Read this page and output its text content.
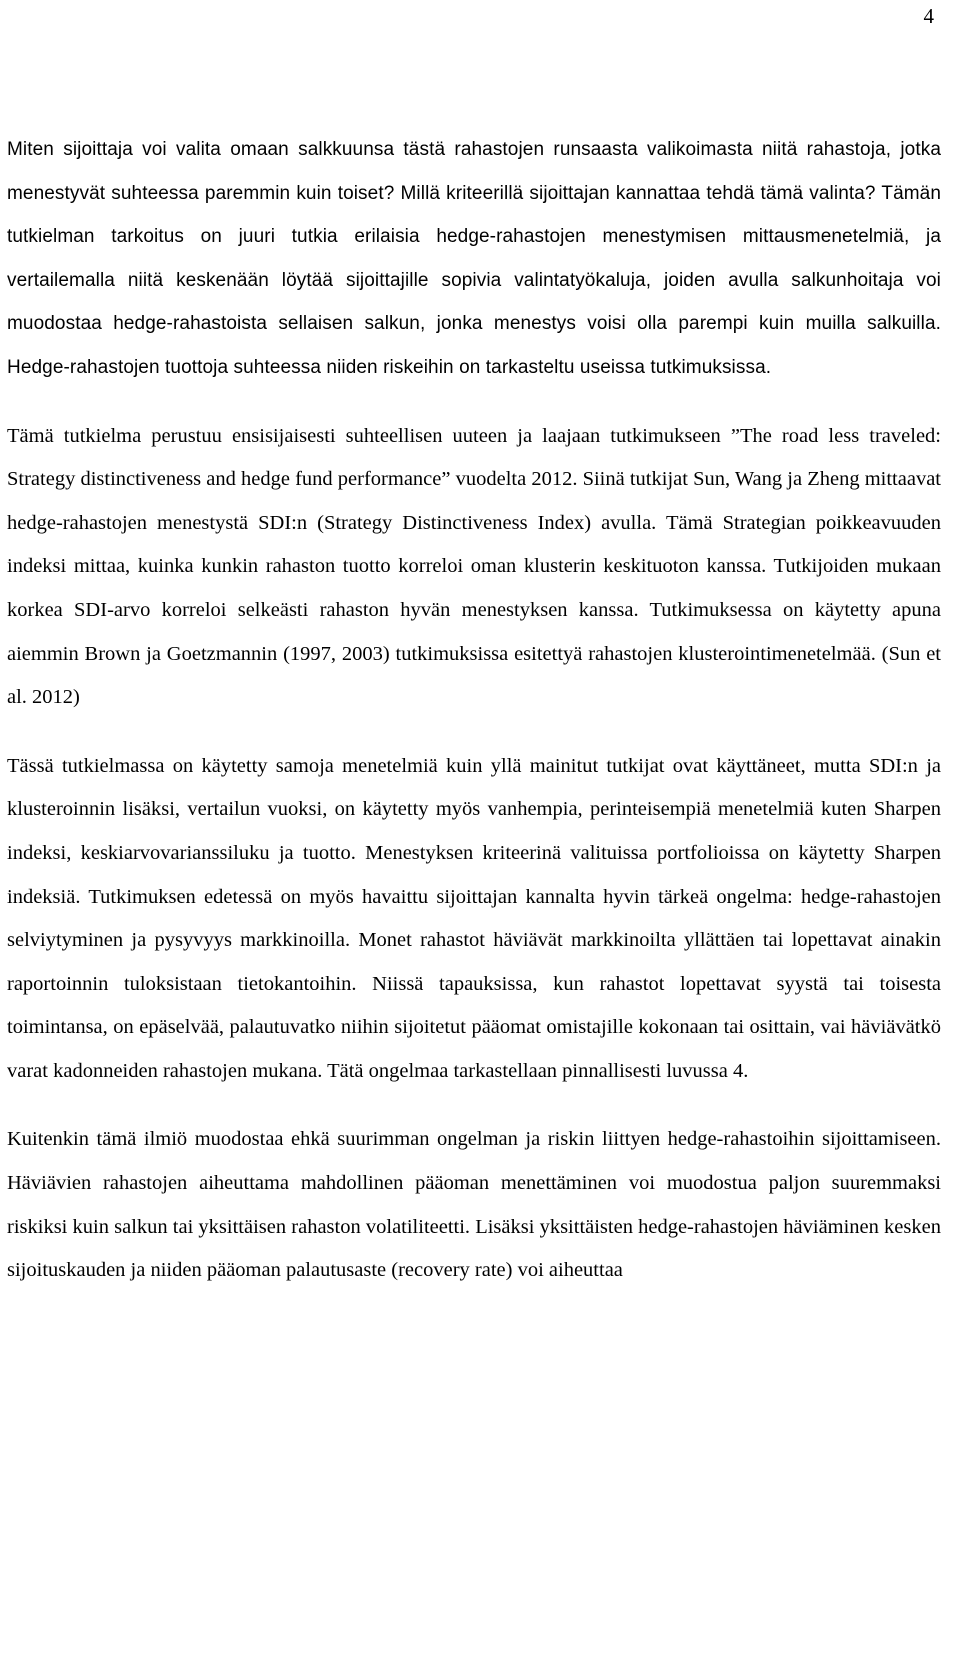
4

Miten sijoittaja voi valita omaan salkkuunsa tästä rahastojen runsaasta valikoimasta niitä rahastoja, jotka menestyvät suhteessa paremmin kuin toiset? Millä kriteerillä sijoittajan kannattaa tehdä tämä valinta? Tämän tutkielman tarkoitus on juuri tutkia erilaisia hedge-rahastojen menestymisen mittausmenetelmiä, ja vertailemalla niitä keskenään löytää sijoittajille sopivia valintatyökaluja, joiden avulla salkunhoitaja voi muodostaa hedge-rahastoista sellaisen salkun, jonka menestys voisi olla parempi kuin muilla salkuilla. Hedge-rahastojen tuottoja suhteessa niiden riskeihin on tarkasteltu useissa tutkimuksissa.

Tämä tutkielma perustuu ensisijaisesti suhteellisen uuteen ja laajaan tutkimukseen ”The road less traveled: Strategy distinctiveness and hedge fund performance” vuodelta 2012. Siinä tutkijat Sun, Wang ja Zheng mittaavat hedge-rahastojen menestystä SDI:n (Strategy Distinctiveness Index) avulla. Tämä Strategian poikkeavuuden indeksi mittaa, kuinka kunkin rahaston tuotto korreloi oman klusterin keskituoton kanssa. Tutkijoiden mukaan korkea SDI-arvo korreloi selkeästi rahaston hyvän menestyksen kanssa. Tutkimuksessa on käytetty apuna aiemmin Brown ja Goetzmannin (1997, 2003) tutkimuksissa esitettyä rahastojen klusterointimenetelmää. (Sun et al. 2012)

Tässä tutkielmassa on käytetty samoja menetelmiä kuin yllä mainitut tutkijat ovat käyttäneet, mutta SDI:n ja klusteroinnin lisäksi, vertailun vuoksi, on käytetty myös vanhempia, perinteisempiä menetelmiä kuten Sharpen indeksi, keskiarvovarianssiluku ja tuotto. Menestyksen kriteerinä valituissa portfolioissa on käytetty Sharpen indeksiä. Tutkimuksen edetessä on myös havaittu sijoittajan kannalta hyvin tärkeä ongelma: hedge-rahastojen selviytyminen ja pysyvyys markkinoilla. Monet rahastot häviävät markkinoilta yllättäen tai lopettavat ainakin raportoinnin tuloksistaan tietokantoihin. Niissä tapauksissa, kun rahastot lopettavat syystä tai toisesta toimintansa, on epäselvää, palautuvatko niihin sijoitetut pääomat omistajille kokonaan tai osittain, vai häviävätkö varat kadonneiden rahastojen mukana. Tätä ongelmaa tarkastellaan pinnallisesti luvussa 4.

Kuitenkin tämä ilmiö muodostaa ehkä suurimman ongelman ja riskin liittyen hedge-rahastoihin sijoittamiseen. Häviävien rahastojen aiheuttama mahdollinen pääoman menettäminen voi muodostua paljon suuremmaksi riskiksi kuin salkun tai yksittäisen rahaston volatiliteetti. Lisäksi yksittäisten hedge-rahastojen häviäminen kesken sijoituskauden ja niiden pääoman palautusaste (recovery rate) voi aiheuttaa
